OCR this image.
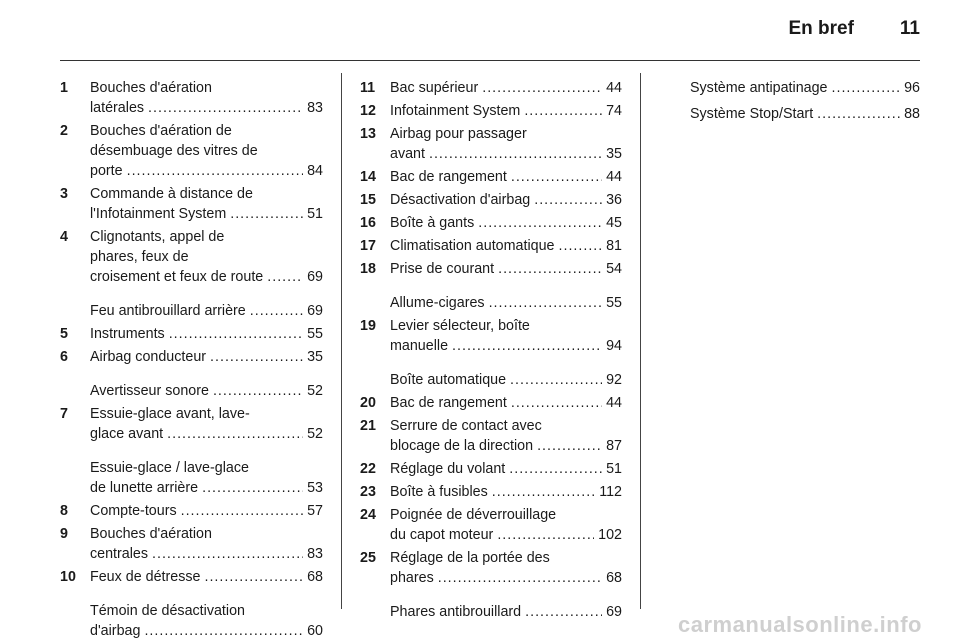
En bref 11
1	Bouches d'aération
latérales .....	83
2	Bouches d'aération de
désembuage des vitres de
porte .....	84
3	Commande à distance de
l'Infotainment System .....	51
4	Clignotants, appel de
phares, feux de
croisement et feux de route .....	69
Feu antibrouillard arrière .....	69
5	Instruments .....	55
6	Airbag conducteur .....	35
Avertisseur sonore .....	52
7	Essuie-glace avant, lave-
glace avant .....	52
Essuie-glace / lave-glace
de lunette arrière .....	53
8	Compte-tours .....	57
9	Bouches d'aération
centrales .....	83
10 Feux de détresse .....	68
Témoin de désactivation
d'airbag .....	60
11	Bac supérieur .....	44
12 Infotainment System .....	74
13 Airbag pour passager
avant .....	35
14 Bac de rangement .....	44
15 Désactivation d'airbag .....	36
16 Boîte à gants .....	45
17 Climatisation automatique .....	81
18 Prise de courant .....	54
Allume-cigares .....	55
19 Levier sélecteur, boîte
manuelle .....	94
Boîte automatique .....	92
20 Bac de rangement .....	44
21 Serrure de contact avec
blocage de la direction .....	87
22 Réglage du volant .....	51
23 Boîte à fusibles .....	112
24 Poignée de déverrouillage
du capot moteur .....	102
25 Réglage de la portée des
phares .....	68
Phares antibrouillard .....	69
Système antipatinage .....	96
Système Stop/Start .....	88
carmanualsonline.info
